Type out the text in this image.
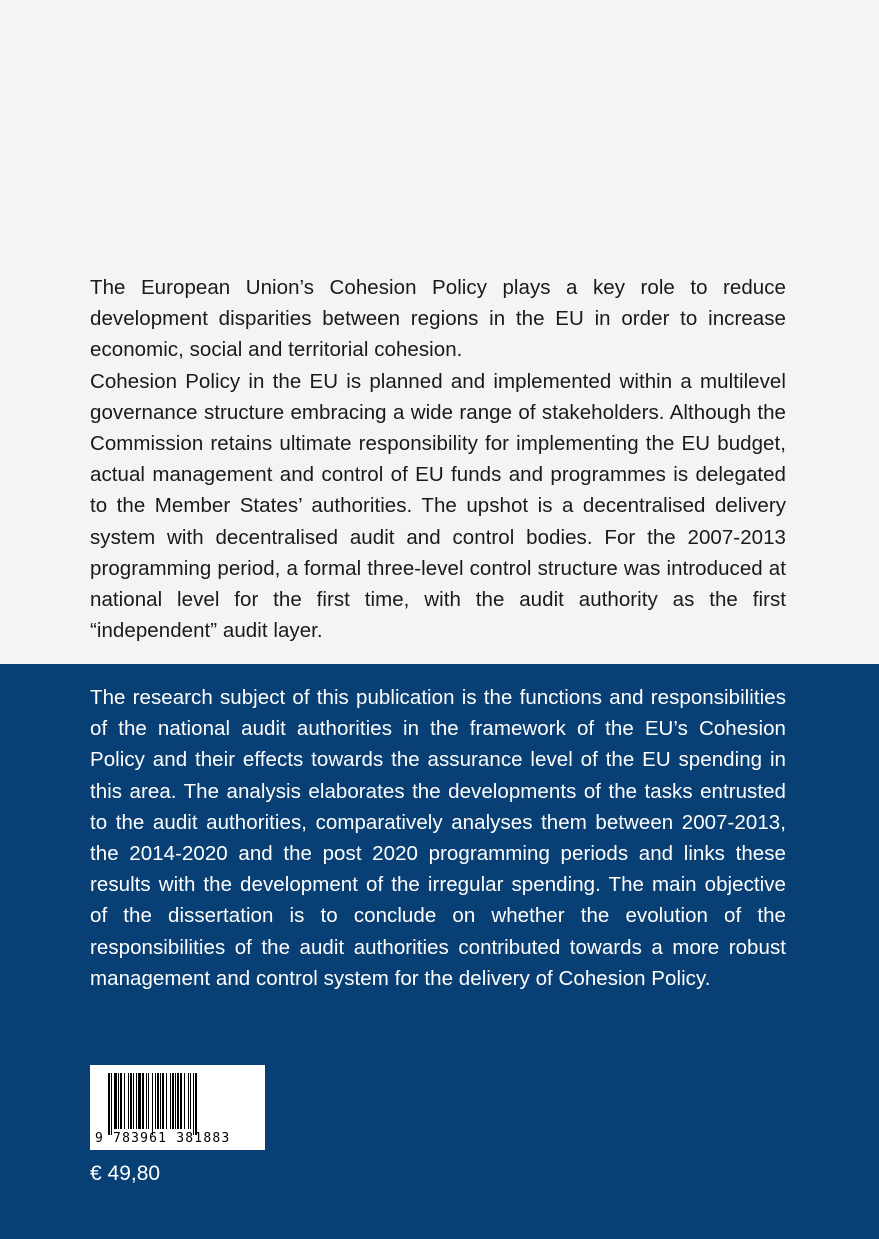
The European Union’s Cohesion Policy plays a key role to reduce development disparities between regions in the EU in order to increase economic, social and territorial cohesion.

Cohesion Policy in the EU is planned and implemented within a multilevel governance structure embracing a wide range of stakeholders. Although the Commission retains ultimate responsibility for implementing the EU budget, actual management and control of EU funds and programmes is delegated to the Member States’ authorities. The upshot is a decentralised delivery system with decentralised audit and control bodies. For the 2007-2013 programming period, a formal three-level control structure was introduced at national level for the first time, with the audit authority as the first “independent” audit layer.

The research subject of this publication is the functions and responsibilities of the national audit authorities in the framework of the EU’s Cohesion Policy and their effects towards the assurance level of the EU spending in this area. The analysis elaborates the developments of the tasks entrusted to the audit authorities, comparatively analyses them between 2007-2013, the 2014-2020 and the post 2020 programming periods and links these results with the development of the irregular spending. The main objective of the dissertation is to conclude on whether the evolution of the responsibilities of the audit authorities contributed towards a more robust management and control system for the delivery of Cohesion Policy.

9 783961 381883
€ 49,80
